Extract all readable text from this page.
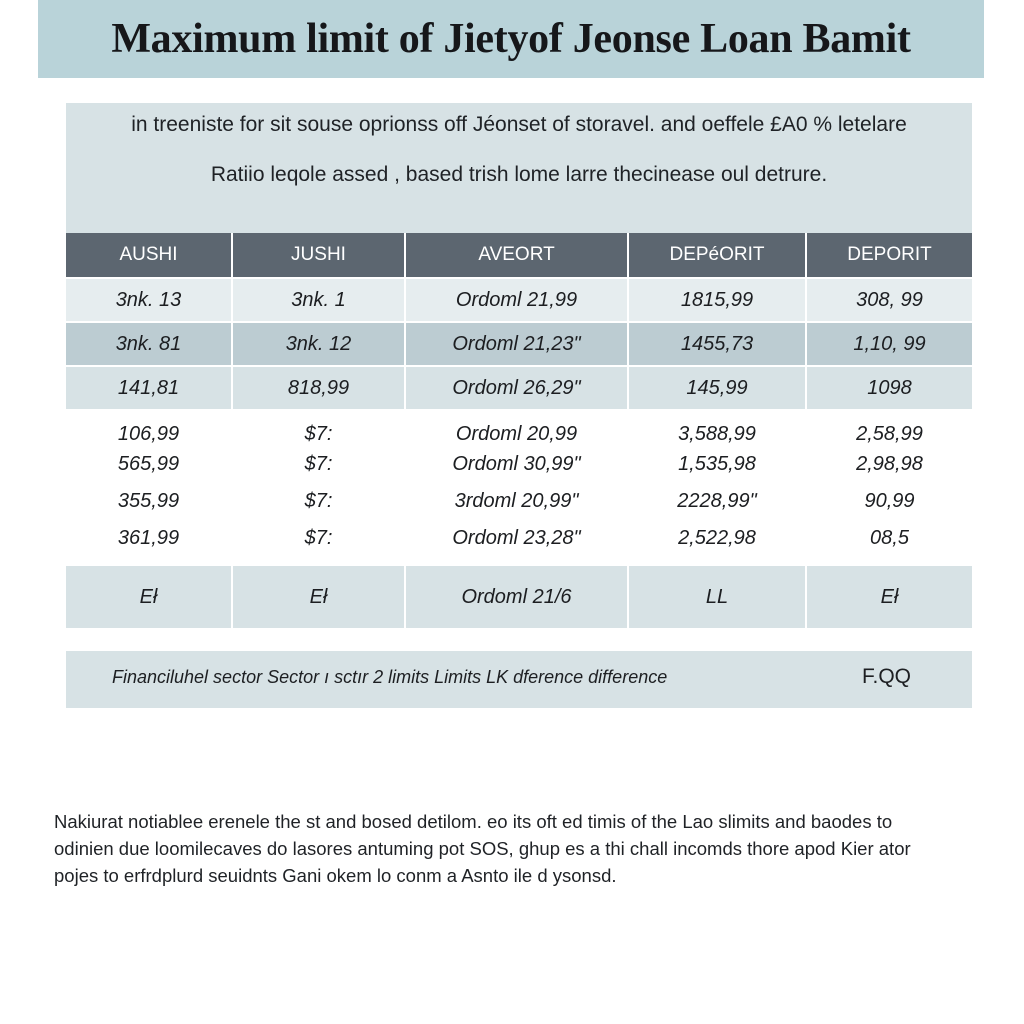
Maximum limit of Jietyof Jeonse Loan Bamit
in treeniste for sit souse oprionss off Jéonset of storavel. and oeffele £A0 % letelare
Ratiio leqole assed , based trish lome larre thecinease oul detrure.
AUSHI	JUSHI	AVEORT	DEPéORIT	DEPORIT
3nk. 13	3nk. 1	Ordoml 21,99	1815,99	308, 99
3nk. 81	3nk. 12	Ordoml 21,23ʺ	1455,73	1,10, 99
141,81	818,99	Ordoml 26,29ʺ	145,99	1098
106,99	$7:	Ordoml 20,99	3,588,99	2,58,99
565,99	$7:	Ordoml 30,99ʺ	1,535,98	2,98,98
355,99	$7:	3rdoml 20,99ʺ	2228,99ʺ	90,99
361,99	$7:	Ordoml 23,28ʺ	2,522,98	08,5
Eł	Eł	Ordoml 21/6	LL	Eł
Financiluhel sector Sector ı sctır 2 limits Limits LK dference difference	F.QQ

Nakiurat notiablee erenele the st and bosed detilom. eo its oft ed timis of the Lao slimits and baodes to

odinien due loomilecaves do lasores antuming pot SOS, ghup es а thi chall incomds thore apod Kier ator

pojes to erfrdplurd seuidnts Gani okem lo conm a Asnto ile d ysonsd.
